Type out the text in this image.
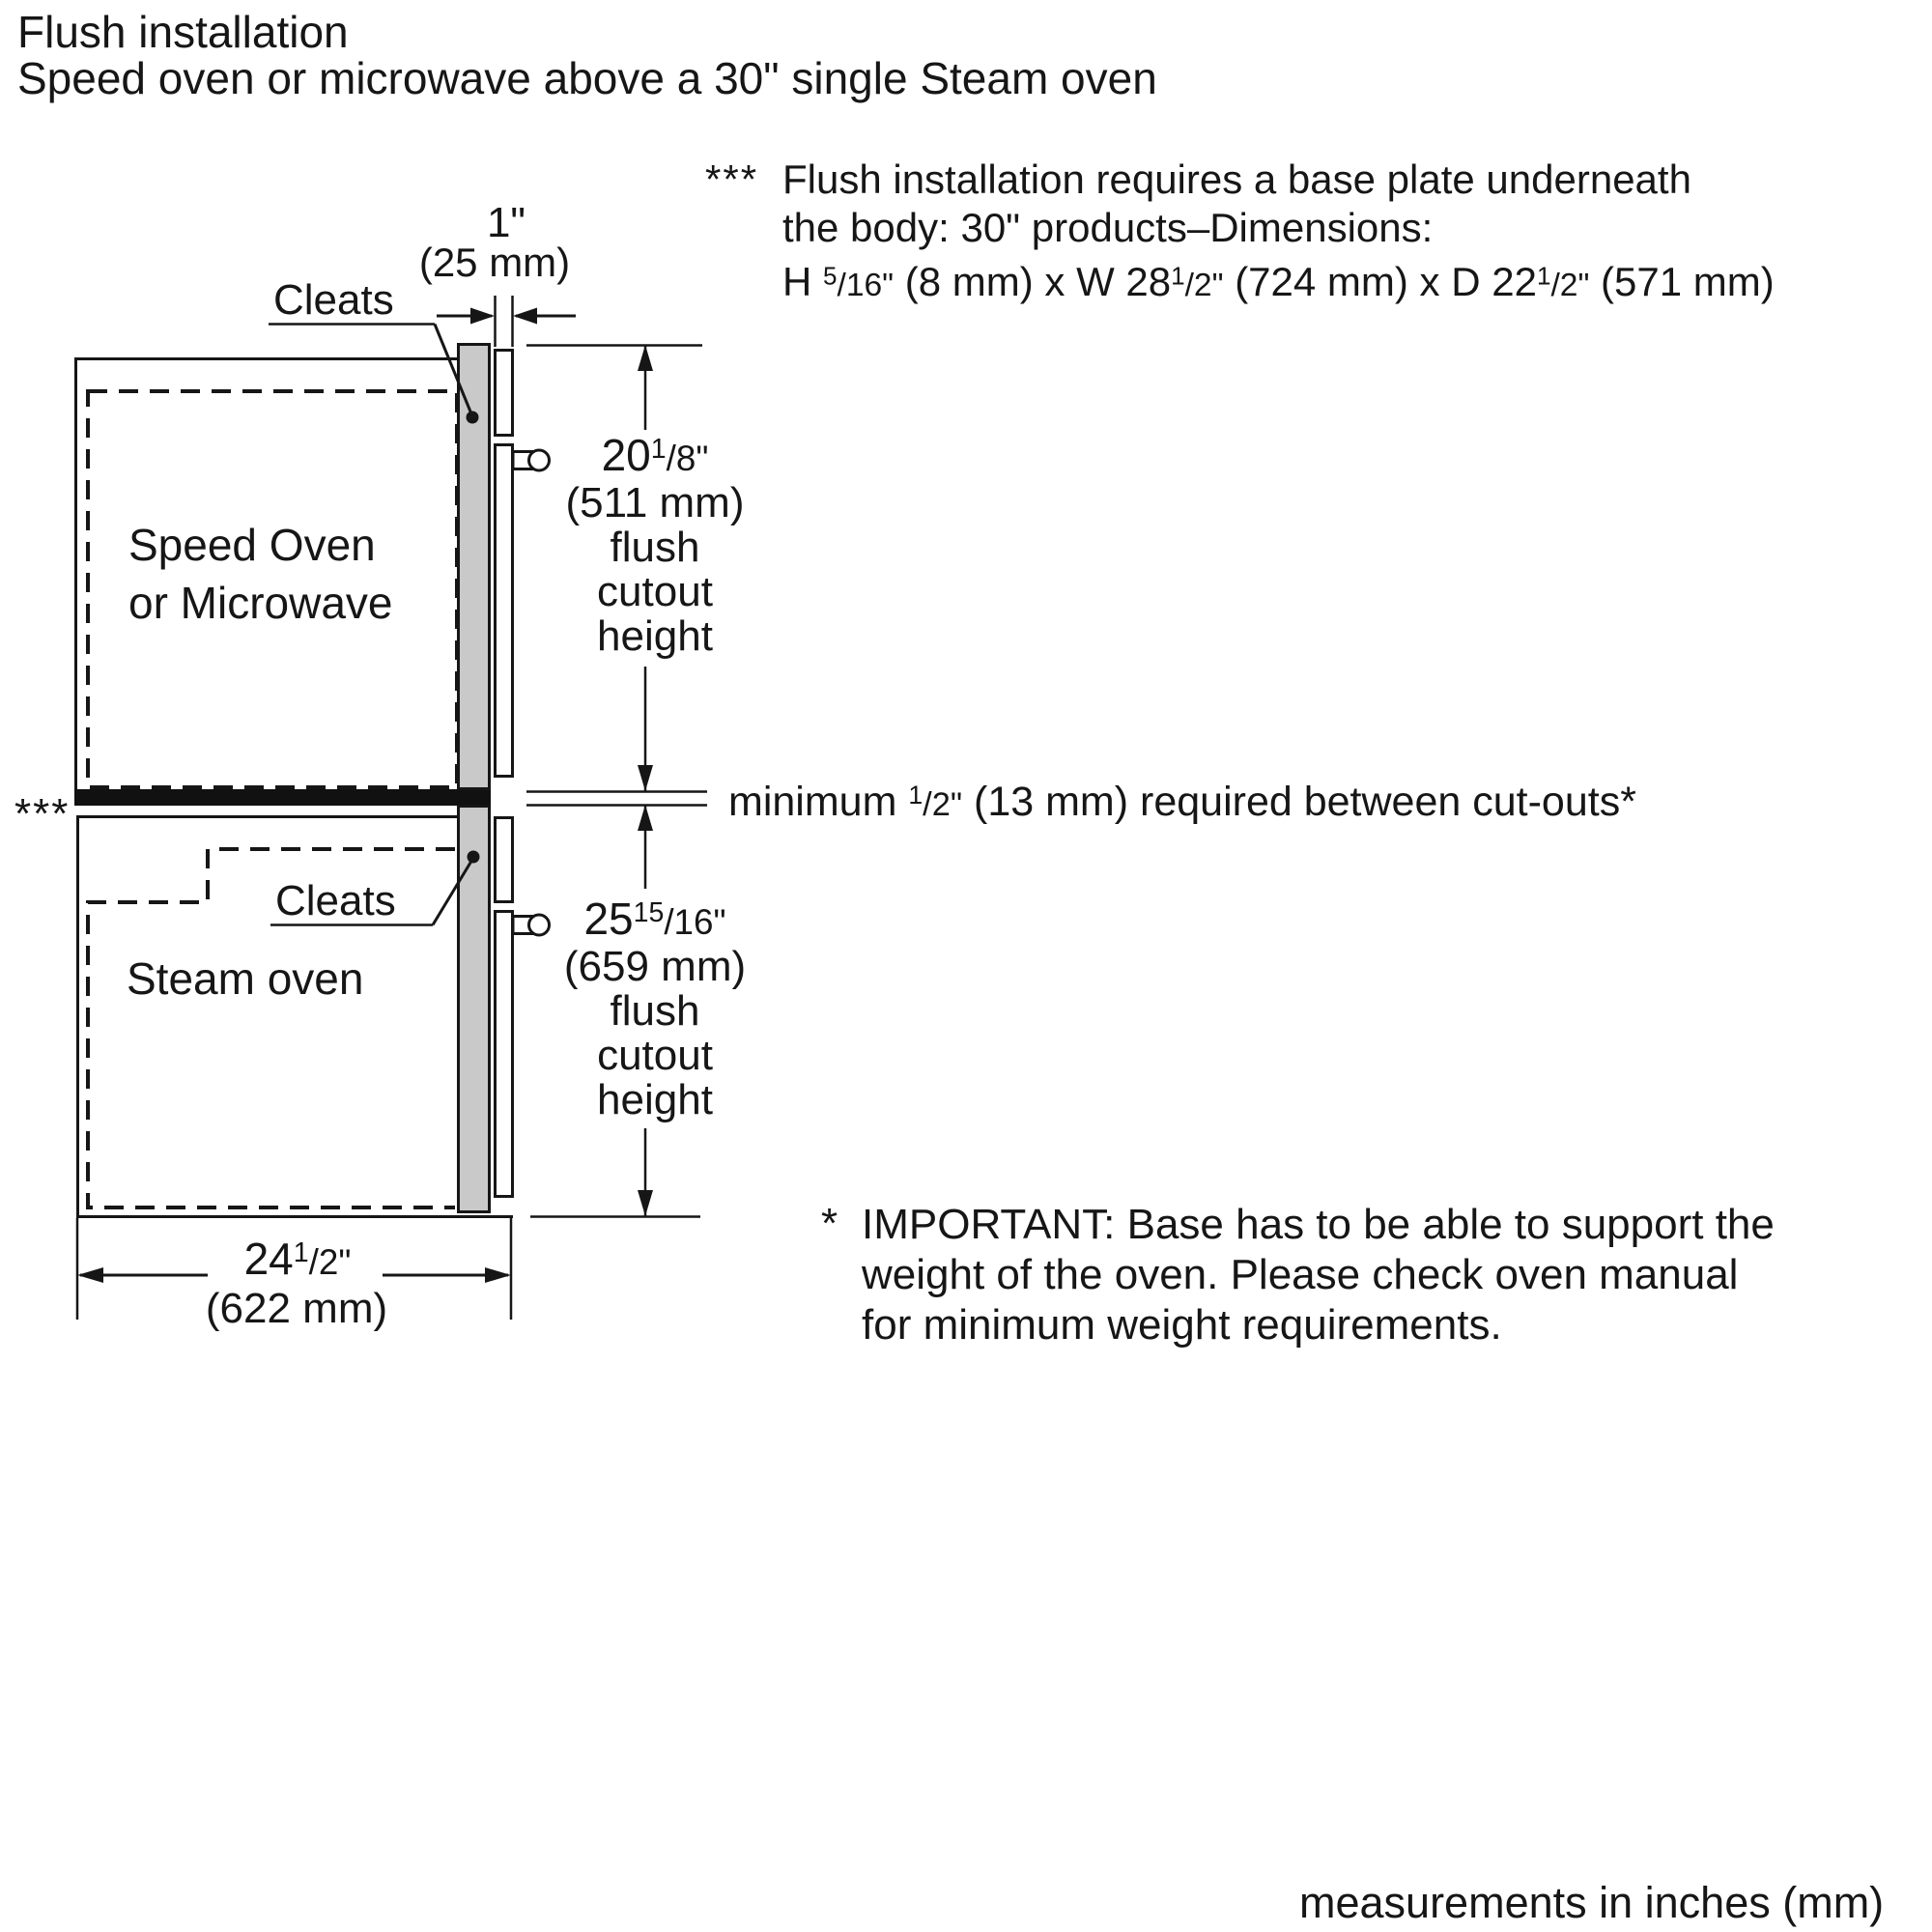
Flush installation
Speed oven or microwave above a 30" single Steam oven
*** Flush installation requires a base plate underneath
the body: 30" products–Dimensions:
H $^5$/16" (8 mm) x W 28$^1$/2" (724 mm) x D 22$^1$/2" (571 mm)
1"
(25 mm)
Cleats
Cleats
Speed Oven
or Microwave
Steam oven
***
20$^1$/8"
(511 mm)
flush
cutout
height
25$^{15}$/16"
(659 mm)
flush
cutout
height
minimum $^1$/2" (13 mm) required between cut-outs*
24$^1$/2"
(622 mm)
* IMPORTANT: Base has to be able to support the
weight of the oven. Please check oven manual
for minimum weight requirements.
measurements in inches (mm)
